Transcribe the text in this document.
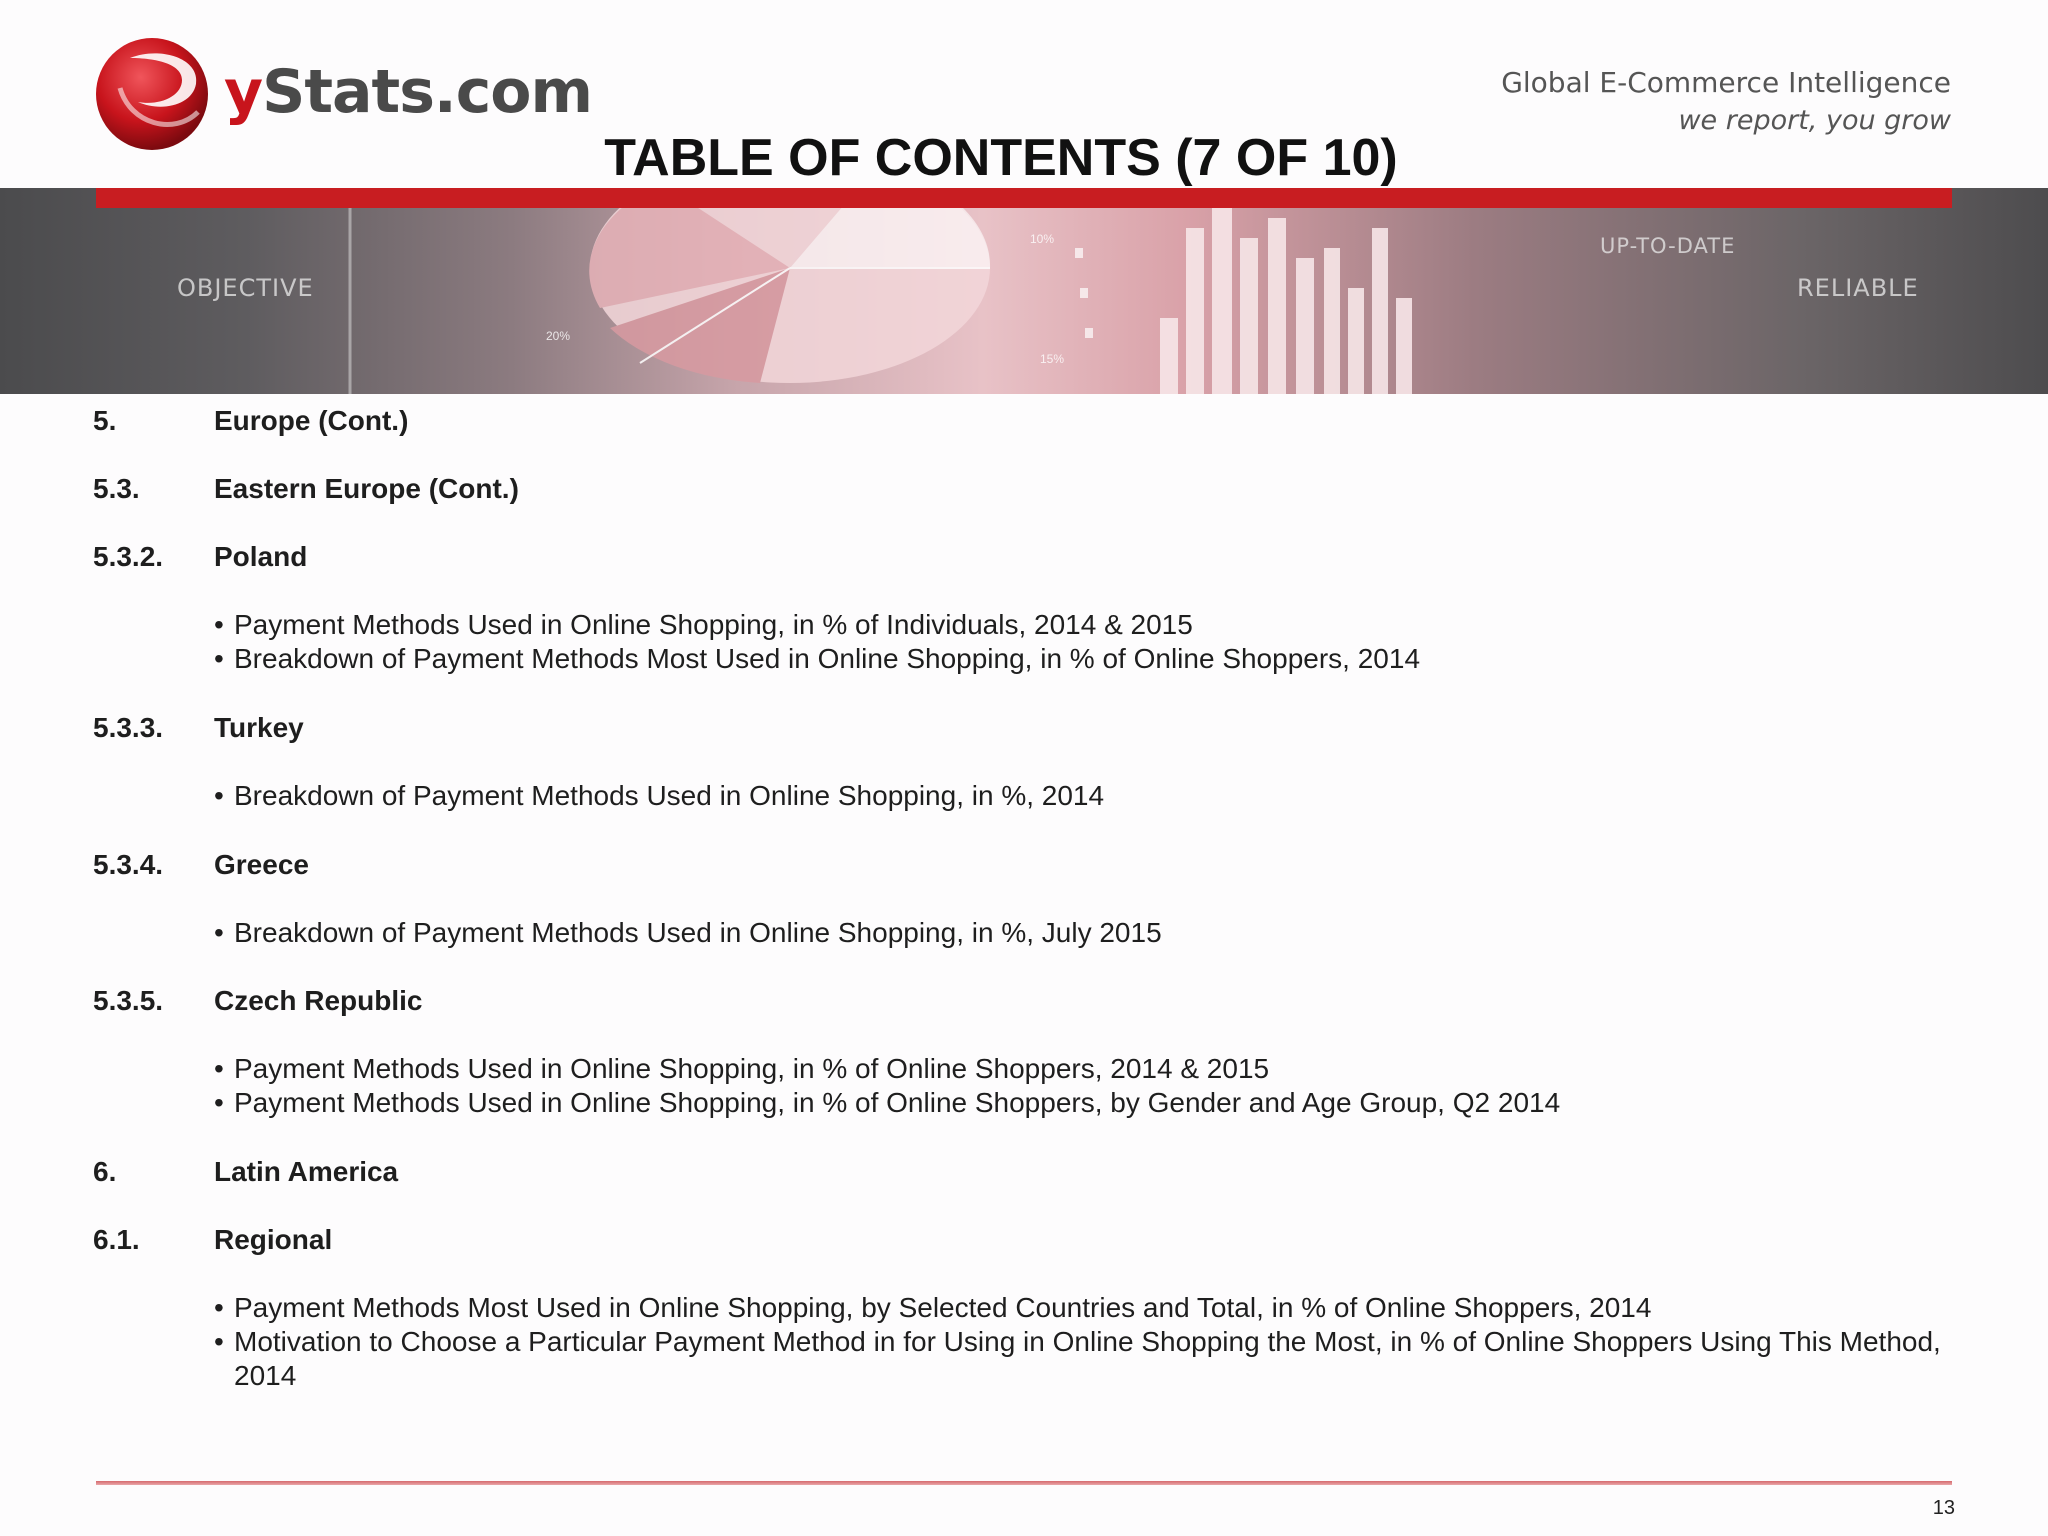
yStats.com	Global E-Commerce Intelligence
we report, you grow
TABLE OF CONTENTS (7 OF 10)
20%
10%
15%
OBJECTIVE
UP-TO-DATE
RELIABLE
5.	Europe (Cont.)
5.3.	Eastern Europe (Cont.)
5.3.2.	Poland
• Payment Methods Used in Online Shopping, in % of Individuals, 2014 & 2015
• Breakdown of Payment Methods Most Used in Online Shopping, in % of Online Shoppers, 2014
5.3.3.	Turkey
• Breakdown of Payment Methods Used in Online Shopping, in %, 2014
5.3.4.	Greece
• Breakdown of Payment Methods Used in Online Shopping, in %, July 2015
5.3.5.	Czech Republic
• Payment Methods Used in Online Shopping, in % of Online Shoppers, 2014 & 2015
• Payment Methods Used in Online Shopping, in % of Online Shoppers, by Gender and Age Group, Q2 2014
6.	Latin America
6.1.	Regional
• Payment Methods Most Used in Online Shopping, by Selected Countries and Total, in % of Online Shoppers, 2014
• Motivation to Choose a Particular Payment Method in for Using in Online Shopping the Most, in % of Online Shoppers Using This Method, 2014
13
